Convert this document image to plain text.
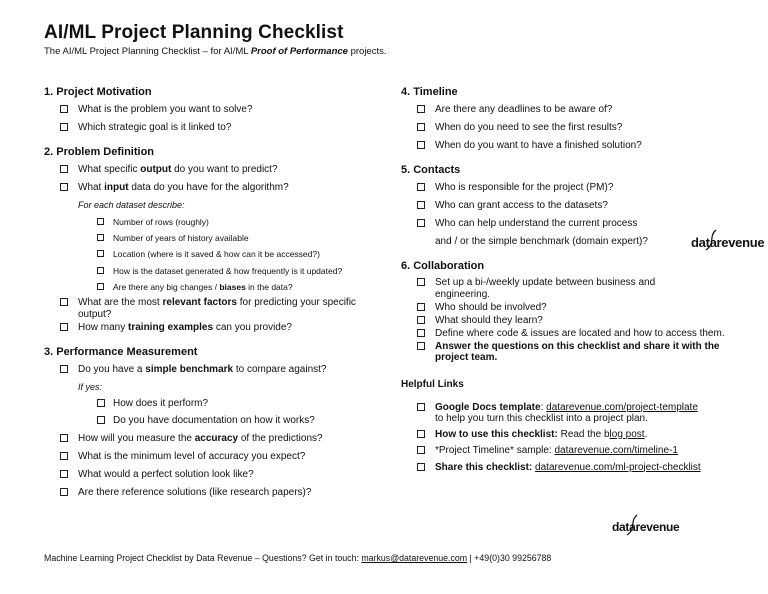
AI/ML Project Planning Checklist
The AI/ML Project Planning Checklist – for AI/ML Proof of Performance projects.
1. Project Motivation
What is the problem you want to solve?
Which strategic goal is it linked to?
2. Problem Definition
What specific output do you want to predict?
What input data do you have for the algorithm?
For each dataset describe:
Number of rows (roughly)
Number of years of history available
Location (where is it saved & how can it be accessed?)
How is the dataset generated & how frequently is it updated?
Are there any big changes / biases in the data?
What are the most relevant factors for predicting your specific output?
How many training examples can you provide?
3. Performance Measurement
Do you have a simple benchmark to compare against?
If yes:
How does it perform?
Do you have documentation on how it works?
How will you measure the accuracy of the predictions?
What is the minimum level of accuracy you expect?
What would a perfect solution look like?
Are there reference solutions (like research papers)?
4. Timeline
Are there any deadlines to be aware of?
When do you need to see the first results?
When do you want to have a finished solution?
5. Contacts
Who is responsible for the project (PM)?
Who can grant access to the datasets?
Who can help understand the current process
and / or the simple benchmark (domain expert)?
6. Collaboration
Set up a bi-/weekly update between business and engineering.
Who should be involved?
What should they learn?
Define where code & issues are located and how to access them.
Answer the questions on this checklist and share it with the project team.
Helpful Links
Google Docs template: datarevenue.com/project-template
to help you turn this checklist into a project plan.
How to use this checklist: Read the blog post.
*Project Timeline* sample: datarevenue.com/timeline-1
Share this checklist: datarevenue.com/ml-project-checklist
datarevenue
datarevenue
Machine Learning Project Checklist by Data Revenue – Questions? Get in touch: markus@datarevenue.com | +49(0)30 99256788
